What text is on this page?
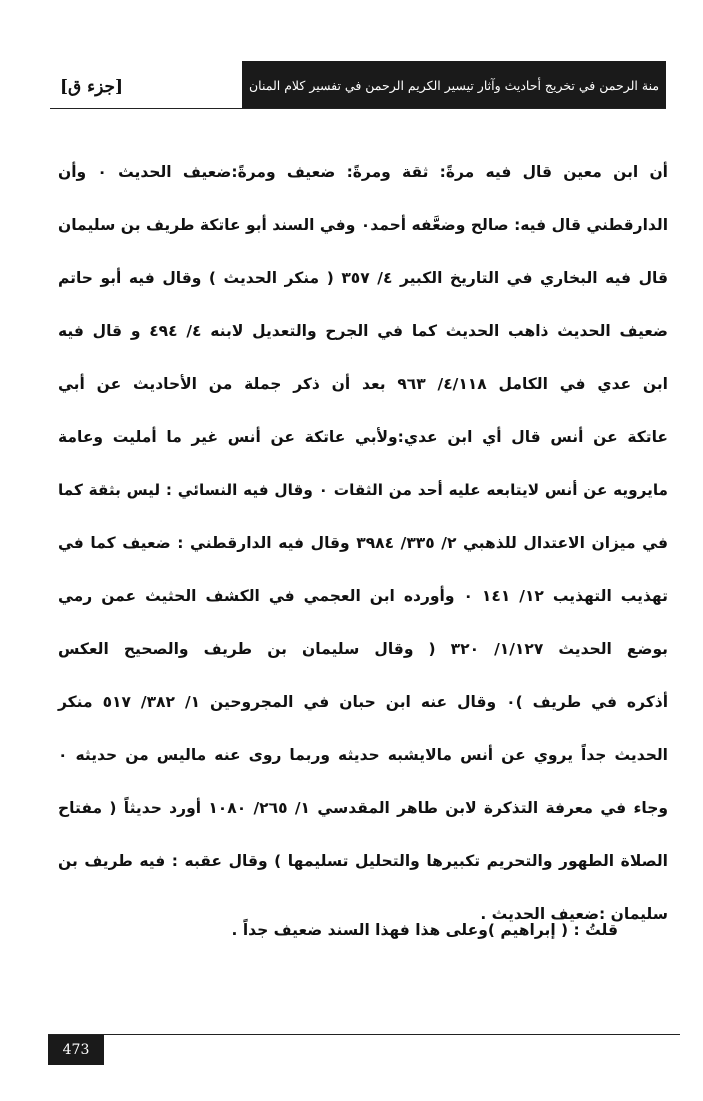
منة الرحمن في تخريج أحاديث وآثار تيسير الكريم الرحمن في تفسير كلام المنان
[جزء ق]
أن ابن معين قال فيه مرةً: ثقة ومرةً: ضعيف ومرةً:ضعيف الحديث ٠ وأن
الدارقطني قال فيه: صالح وضعَّفه أحمد٠ وفي السند أبو عاتكة طريف بن سليمان
قال فيه البخاري في التاريخ الكبير ٤/ ٣٥٧ ( منكر الحديث ) وقال فيه أبو حاتم
ضعيف الحديث ذاهب الحديث كما في الجرح والتعديل لابنه ٤/ ٤٩٤ و قال فيه
ابن عدي في الكامل ٤/١١٨/ ٩٦٣ بعد أن ذكر جملة من الأحاديث عن أبي
عاتكة عن أنس قال أي ابن عدي:ولأبي عاتكة عن أنس غير ما أمليت وعامة
مايرويه عن أنس لايتابعه عليه أحد من الثقات ٠ وقال فيه النسائي : ليس بثقة كما
في ميزان الاعتدال للذهبي ٢/ ٣٣٥/ ٣٩٨٤ وقال فيه الدارقطني : ضعيف كما في
تهذيب التهذيب ١٢/ ١٤١ ٠ وأورده ابن العجمي في الكشف الحثيث عمن رمي
بوضع الحديث ١/١٢٧/ ٣٢٠ ( وقال سليمان بن طريف والصحيح العكس
أذكره في طريف )٠ وقال عنه ابن حبان في المجروحين ١/ ٣٨٢/ ٥١٧ منكر
الحديث جداً يروي عن أنس مالايشبه حديثه وربما روى عنه ماليس من حديثه ٠
وجاء في معرفة التذكرة لابن طاهر المقدسي ١/ ٢٦٥/ ١٠٨٠ أورد حديثاً ( مفتاح
الصلاة الطهور والتحريم تكبيرها والتحليل تسليمها ) وقال عقبه : فيه طريف بن
سليمان :ضعيف الحديث .
قلتُ : ( إبراهيم )وعلى هذا فهذا السند ضعيف جداً .
473
